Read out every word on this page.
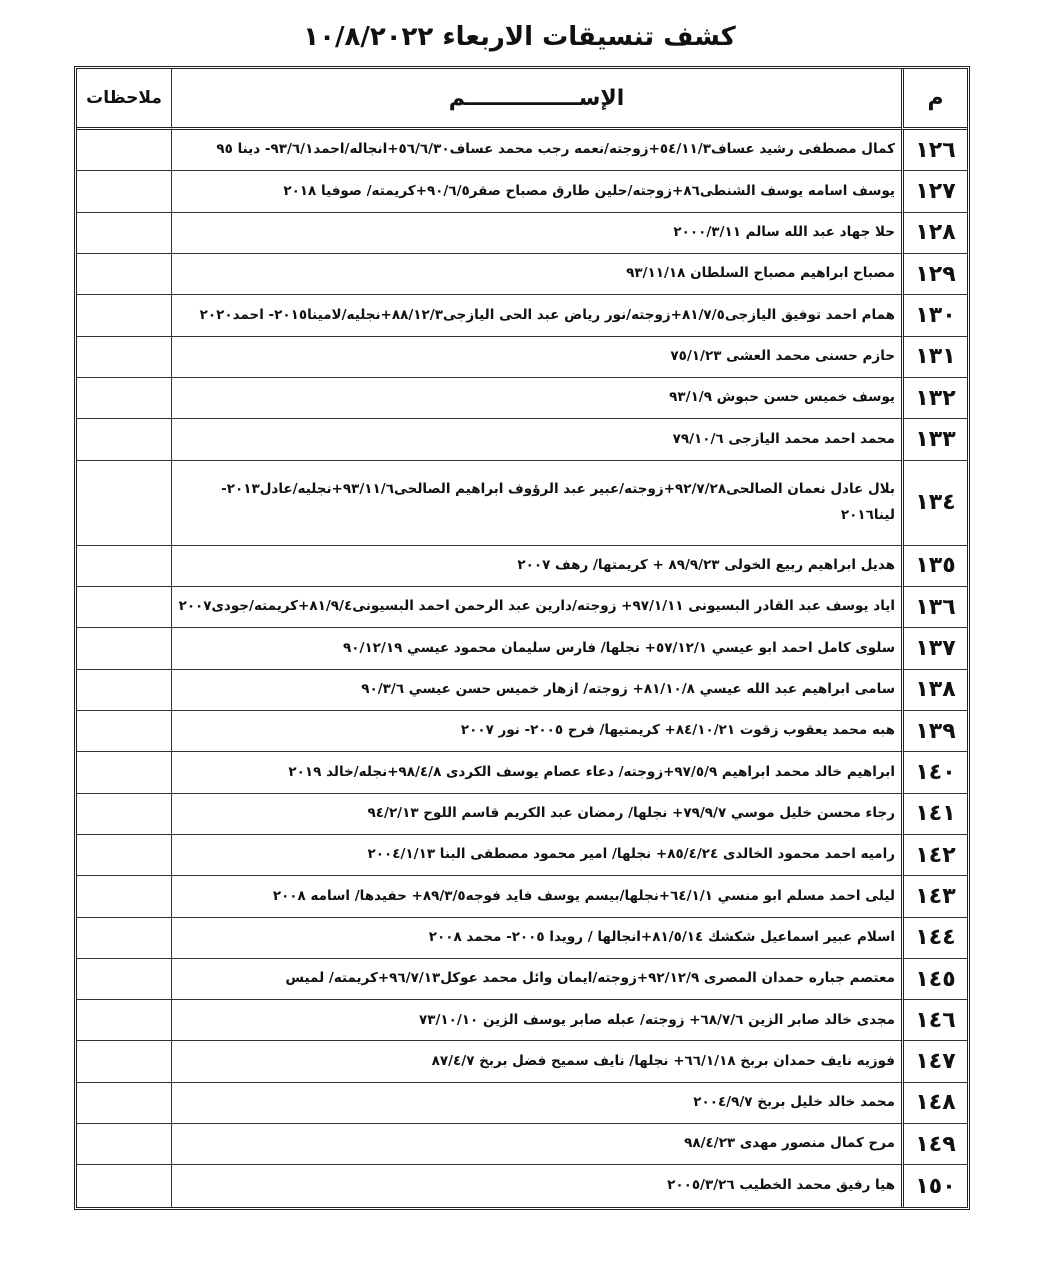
كشف تنسيقات الاربعاء ١٠/٨/٢٠٢٢
م	الإســـــــــــــــم	ملاحظات
١٢٦	كمال مصطفى رشيد عساف٥٤/١١/٣+زوجته/نعمه رجب محمد عساف٥٦/٦/٣٠+انجاله/احمد٩٣/٦/١- دينا ٩٥	
١٢٧	يوسف اسامه يوسف الشنطى٨٦+زوجته/حلين طارق مصباح صقر٩٠/٦/٥+كريمته/ صوفيا ٢٠١٨	
١٢٨	حلا جهاد عبد الله سالم ٢٠٠٠/٣/١١	
١٢٩	مصباح ابراهيم مصباح السلطان ٩٣/١١/١٨	
١٣٠	همام احمد توفيق اليازجى٨١/٧/٥+زوجته/نور رياض عبد الحى اليازجى٨٨/١٢/٣+نجليه/لامينا٢٠١٥- احمد٢٠٢٠	
١٣١	حازم حسنى محمد العشى ٧٥/١/٢٣	
١٣٢	يوسف خميس حسن حبوش ٩٣/١/٩	
١٣٣	محمد احمد محمد اليازجى ٧٩/١٠/٦	
١٣٤	بلال عادل نعمان الصالحى٩٢/٧/٢٨+زوجته/عبير عبد الرؤوف ابراهيم الصالحى٩٣/١١/٦+نجليه/عادل٢٠١٣- لينا٢٠١٦	
١٣٥	هديل ابراهيم ربيع الخولى ٨٩/٩/٢٣ + كريمتها/ رهف ٢٠٠٧	
١٣٦	اياد يوسف عبد القادر البسيونى ٩٧/١/١١+ زوجته/دارين عبد الرحمن احمد البسيونى٨١/٩/٤+كريمته/جودى٢٠٠٧	
١٣٧	سلوى كامل احمد ابو عيسي ٥٧/١٢/١+ نجلها/ فارس سليمان محمود عيسي ٩٠/١٢/١٩	
١٣٨	سامى ابراهيم عبد الله عيسي ٨١/١٠/٨+ زوجته/ ازهار خميس حسن عيسي ٩٠/٣/٦	
١٣٩	هبه محمد يعقوب زقوت ٨٤/١٠/٢١+ كريمتيها/ فرح ٢٠٠٥- نور ٢٠٠٧	
١٤٠	ابراهيم خالد محمد ابراهيم ٩٧/٥/٩+زوجته/ دعاء عصام يوسف الكردى ٩٨/٤/٨+نجله/خالد ٢٠١٩	
١٤١	رجاء محسن خليل موسي ٧٩/٩/٧+ نجلها/ رمضان عبد الكريم قاسم اللوح ٩٤/٢/١٣	
١٤٢	راميه احمد محمود الخالدى ٨٥/٤/٢٤+ نجلها/ امير محمود مصطفى البنا ٢٠٠٤/١/١٣	
١٤٣	ليلى احمد مسلم ابو منسي ٦٤/١/١+نجلها/بيسم يوسف فايد فوجه٨٩/٣/٥+ حفيدها/ اسامه ٢٠٠٨	
١٤٤	اسلام عبير اسماعيل شكشك ٨١/٥/١٤+انجالها / رويدا ٢٠٠٥- محمد ٢٠٠٨	
١٤٥	معتصم جباره حمدان المصرى ٩٢/١٢/٩+زوجته/ايمان وائل محمد عوكل٩٦/٧/١٣+كريمته/ لميس	
١٤٦	مجدى خالد صابر الزين ٦٨/٧/٦+ زوجته/ عبله صابر يوسف الزين ٧٣/١٠/١٠	
١٤٧	فوزيه نايف حمدان بربخ ٦٦/١/١٨+ نجلها/ نايف سميح فضل بربخ ٨٧/٤/٧	
١٤٨	محمد خالد خليل بربخ ٢٠٠٤/٩/٧	
١٤٩	مرح كمال منصور مهدى ٩٨/٤/٢٣	
١٥٠	هيا رفيق محمد الخطيب ٢٠٠٥/٣/٢٦	
